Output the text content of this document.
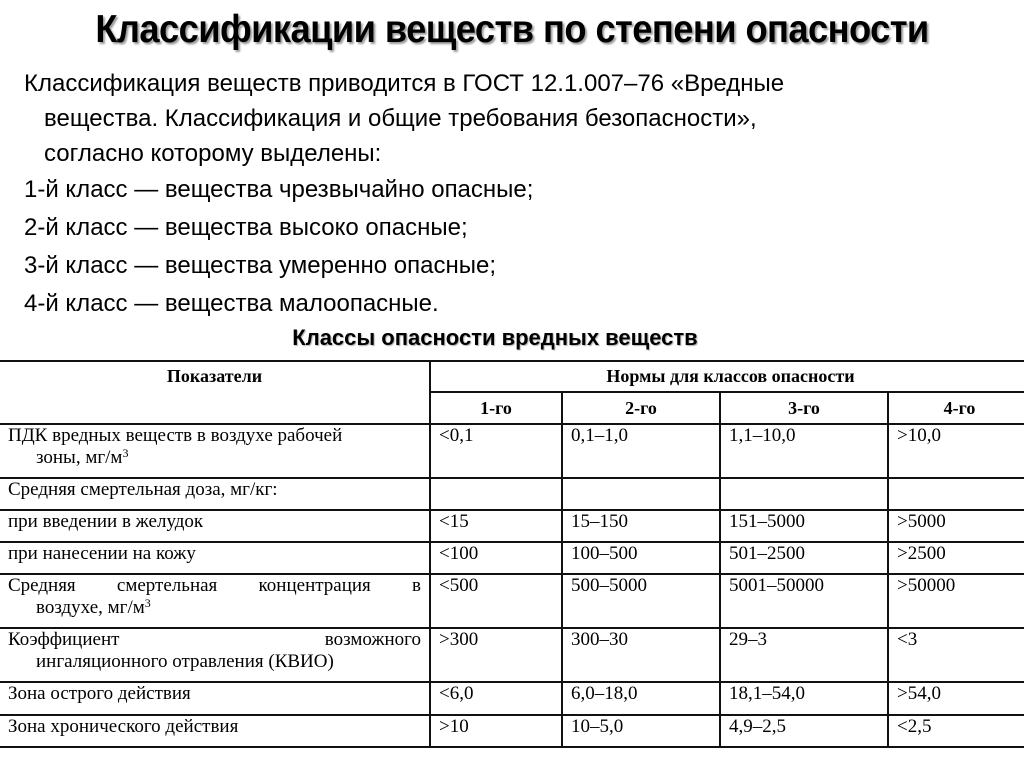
Классификации веществ по степени опасности

Классификация веществ приводится в ГОСТ 12.1.007–76 «Вредные
вещества. Классификация и общие требования безопасности»,
согласно которому выделены:

1-й класс — вещества чрезвычайно опасные;

2-й класс — вещества высоко опасные;

3-й класс — вещества умеренно опасные;

4-й класс — вещества малоопасные.

Классы опасности вредных веществ
Показатели	Нормы для классов опасности			
	1-го	2-го	3-го	4-го
ПДК вредных веществ в воздухе рабочей
зоны, $мг/м^3$	<0,1	0,1–1,0	1,1–10,0	>10,0
Средняя смертельная доза, мг/кг:				
при введении в желудок	<15	15–150	151–5000	>5000
при нанесении на кожу	<100	100–500	501–2500	>2500

Средняя смертельная концентрация в
воздухе, $мг/м^3$	<500	500–5000	5001–50000	>50000

Коэффициент возможного
ингаляционного отравления (КВИО)	>300	300–30	29–3	<3
Зона острого действия	<6,0	6,0–18,0	18,1–54,0	>54,0
Зона хронического действия	>10	10–5,0	4,9–2,5	<2,5
